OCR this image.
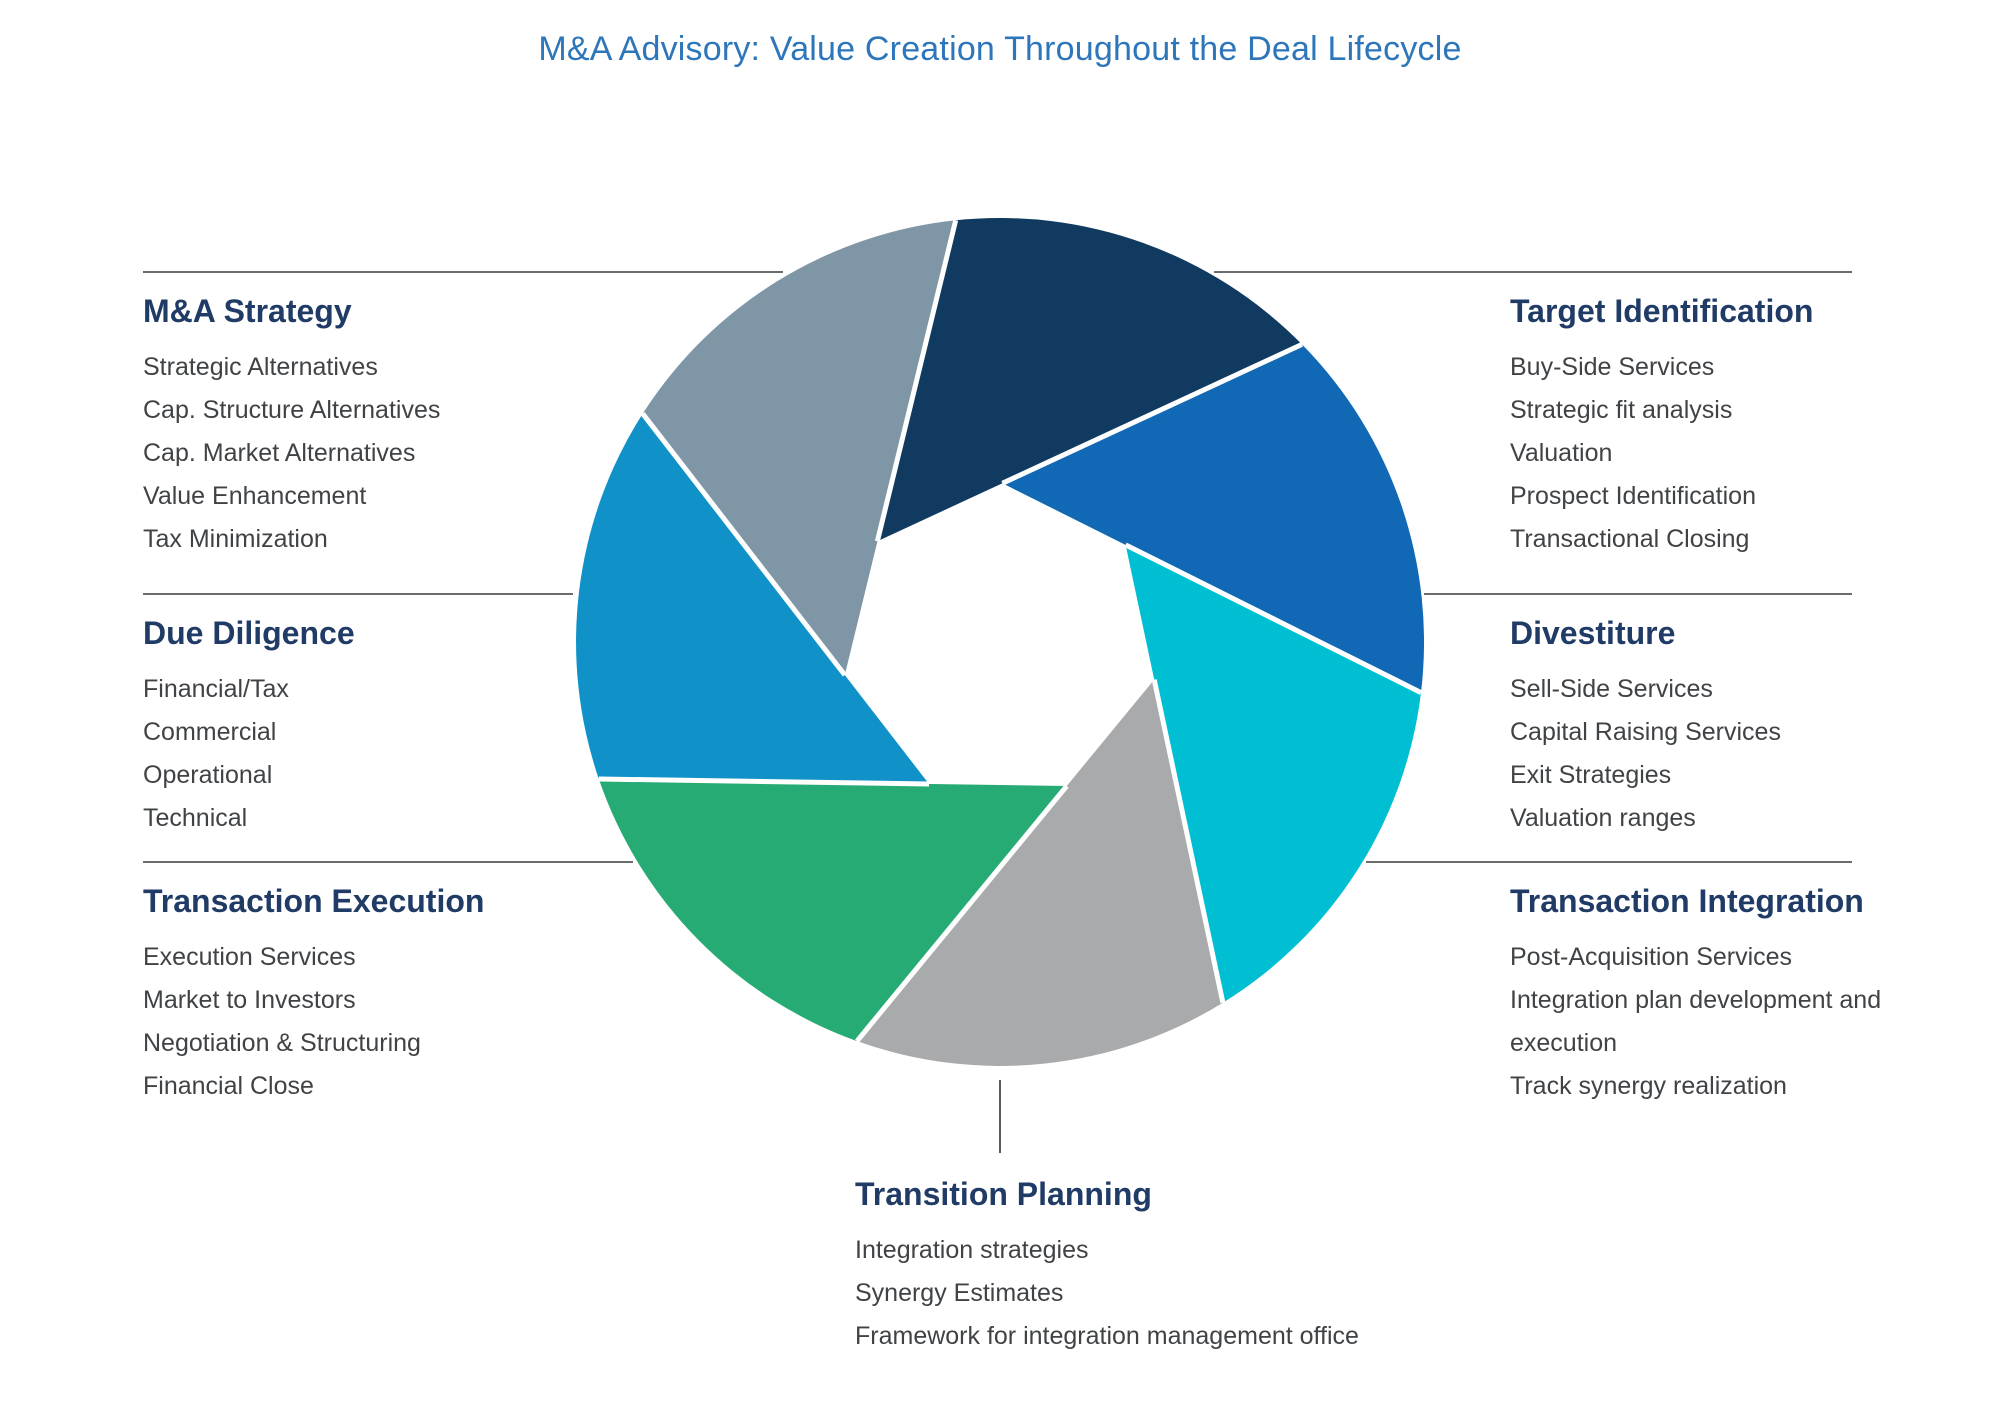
M&A Advisory: Value Creation Throughout the Deal Lifecycle
M&A Strategy
Strategic Alternatives
Cap. Structure Alternatives
Cap. Market Alternatives
Value Enhancement
Tax Minimization
Due Diligence
Financial/Tax
Commercial
Operational
Technical
Transaction Execution
Execution Services
Market to Investors
Negotiation & Structuring
Financial Close
Target Identification
Buy-Side Services
Strategic fit analysis
Valuation
Prospect Identification
Transactional Closing
Divestiture
Sell-Side Services
Capital Raising Services
Exit Strategies
Valuation ranges
Transaction Integration
Post-Acquisition Services
Integration plan development and execution
Track synergy realization
Transition Planning
Integration strategies
Synergy Estimates
Framework for integration management office
